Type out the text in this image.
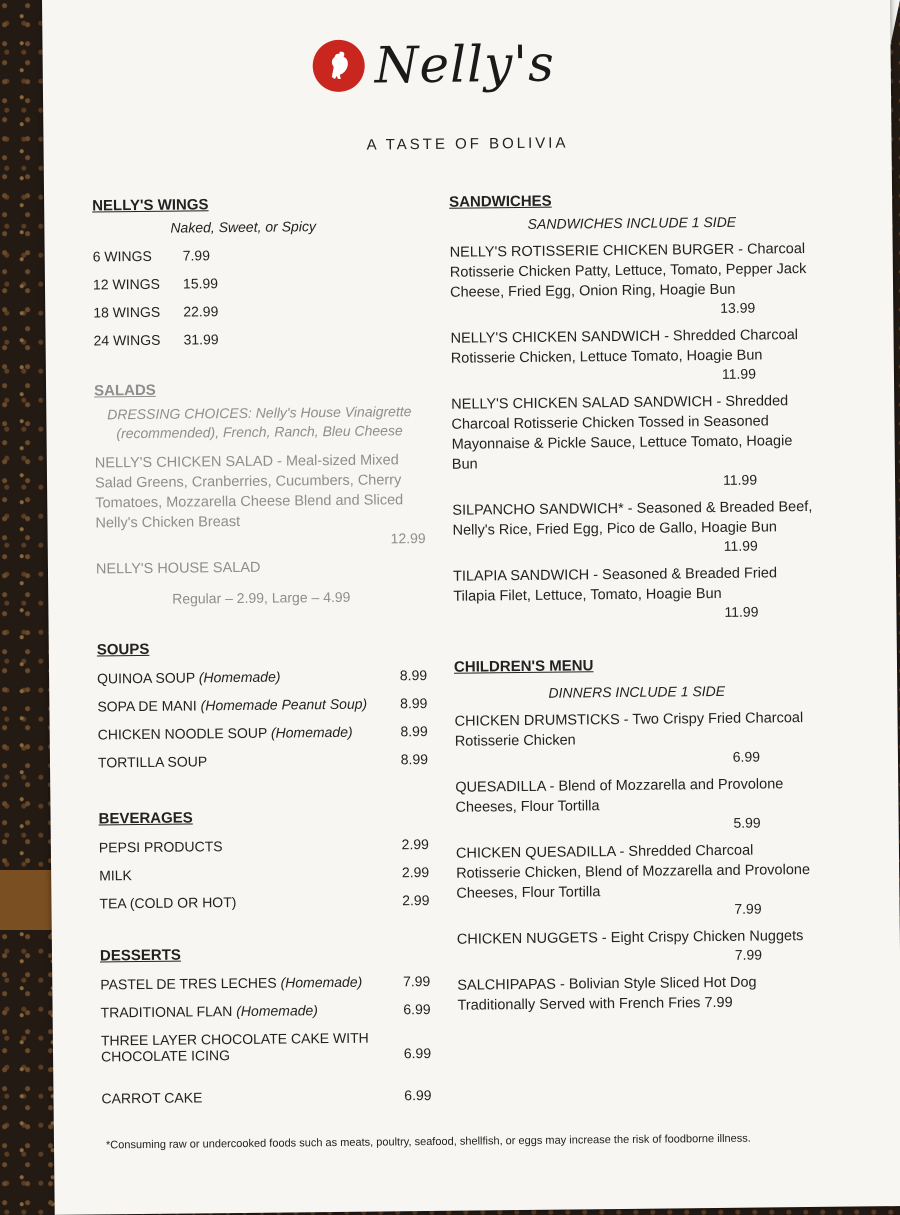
Nelly's
A TASTE OF BOLIVIA
NELLY'S WINGS
Naked, Sweet, or Spicy
6 WINGS	7.99
12 WINGS	15.99
18 WINGS	22.99
24 WINGS	31.99
SALADS
DRESSING CHOICES: Nelly's House Vinaigrette (recommended), French, Ranch, Bleu Cheese
NELLY'S CHICKEN SALAD - Meal-sized Mixed Salad Greens, Cranberries, Cucumbers, Cherry Tomatoes, Mozzarella Cheese Blend and Sliced Nelly's Chicken Breast
12.99
NELLY'S HOUSE SALAD
Regular – 2.99, Large – 4.99
SOUPS
QUINOA SOUP (Homemade)	8.99
SOPA DE MANI (Homemade Peanut Soup) 8.99
CHICKEN NOODLE SOUP (Homemade)	8.99
TORTILLA SOUP	8.99
BEVERAGES
PEPSI PRODUCTS	2.99
MILK	2.99
TEA (COLD OR HOT)	2.99
DESSERTS
PASTEL DE TRES LECHES (Homemade)	7.99
TRADITIONAL FLAN (Homemade)	6.99
THREE LAYER CHOCOLATE CAKE WITH CHOCOLATE ICING	6.99
CARROT CAKE	6.99
SANDWICHES
SANDWICHES INCLUDE 1 SIDE
NELLY'S ROTISSERIE CHICKEN BURGER - Charcoal Rotisserie Chicken Patty, Lettuce, Tomato, Pepper Jack Cheese, Fried Egg, Onion Ring, Hoagie Bun
13.99
NELLY'S CHICKEN SANDWICH - Shredded Charcoal Rotisserie Chicken, Lettuce Tomato, Hoagie Bun
11.99
NELLY'S CHICKEN SALAD SANDWICH - Shredded Charcoal Rotisserie Chicken Tossed in Seasoned Mayonnaise & Pickle Sauce, Lettuce Tomato, Hoagie Bun
11.99
SILPANCHO SANDWICH* - Seasoned & Breaded Beef, Nelly's Rice, Fried Egg, Pico de Gallo, Hoagie Bun
11.99
TILAPIA SANDWICH - Seasoned & Breaded Fried Tilapia Filet, Lettuce, Tomato, Hoagie Bun
11.99
CHILDREN'S MENU
DINNERS INCLUDE 1 SIDE
CHICKEN DRUMSTICKS - Two Crispy Fried Charcoal Rotisserie Chicken
6.99
QUESADILLA - Blend of Mozzarella and Provolone Cheeses, Flour Tortilla
5.99
CHICKEN QUESADILLA - Shredded Charcoal Rotisserie Chicken, Blend of Mozzarella and Provolone Cheeses, Flour Tortilla
7.99
CHICKEN NUGGETS - Eight Crispy Chicken Nuggets
7.99
SALCHIPAPAS - Bolivian Style Sliced Hot Dog Traditionally Served with French Fries 7.99
*Consuming raw or undercooked foods such as meats, poultry, seafood, shellfish, or eggs may increase the risk of foodborne illness.
